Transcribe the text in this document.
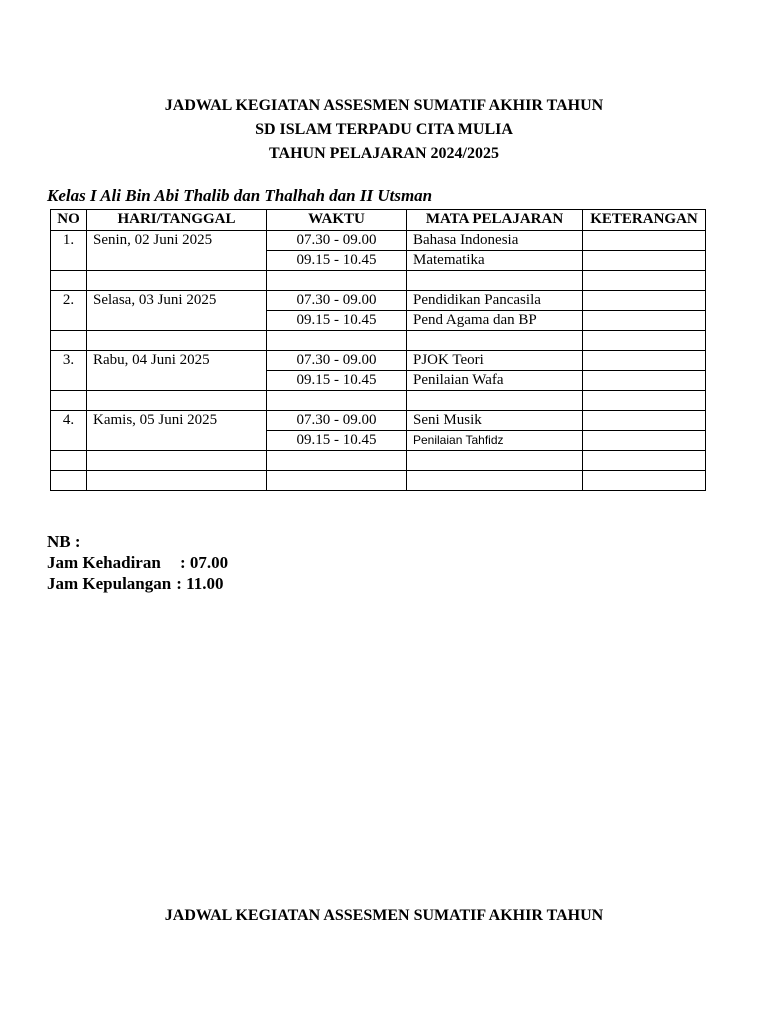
JADWAL KEGIATAN ASSESMEN SUMATIF AKHIR TAHUN
SD ISLAM TERPADU CITA MULIA
TAHUN PELAJARAN 2024/2025
Kelas I Ali Bin Abi Thalib dan Thalhah dan II Utsman
NO	HARI/TANGGAL	WAKTU	MATA PELAJARAN	KETERANGAN
1.	Senin, 02 Juni 2025	07.30 - 09.00	Bahasa Indonesia	
		09.15 - 10.45	Matematika	

2.	Selasa, 03 Juni 2025	07.30 - 09.00	Pendidikan Pancasila	
		09.15 - 10.45	Pend Agama dan BP	

3.	Rabu, 04 Juni 2025	07.30 - 09.00	PJOK Teori	
		09.15 - 10.45	Penilaian Wafa	

4.	Kamis, 05 Juni 2025	07.30 - 09.00	Seni Musik	
		09.15 - 10.45	Penilaian Tahfidz	

NB :
Jam Kehadiran	: 07.00
Jam Kepulangan : 11.00
JADWAL KEGIATAN ASSESMEN SUMATIF AKHIR TAHUN
